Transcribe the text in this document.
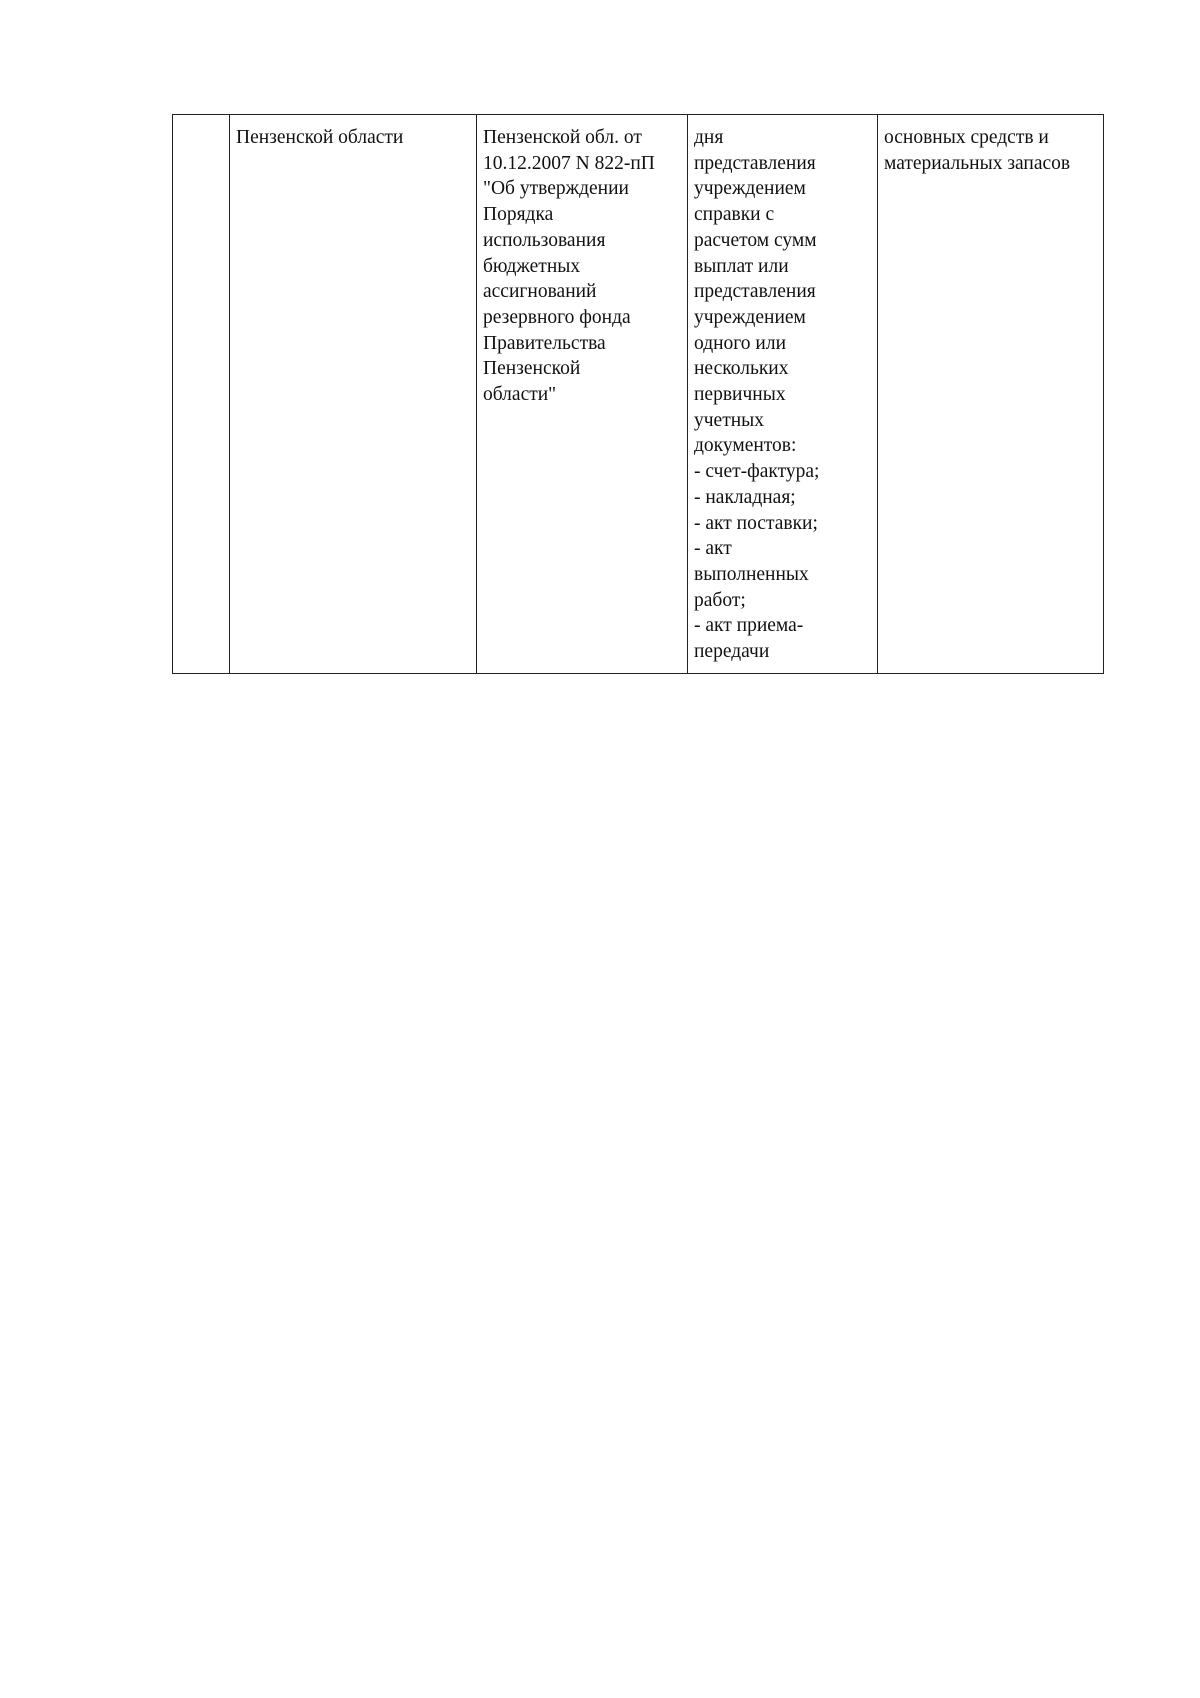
	Пензенской области	Пензенской обл. от
10.12.2007 N 822-пП
"Об утверждении
Порядка
использования
бюджетных
ассигнований
резервного фонда
Правительства
Пензенской
области"	дня
представления
учреждением
справки с
расчетом сумм
выплат или
представления
учреждением
одного или
нескольких
первичных
учетных
документов:
- счет-фактура;
- накладная;
- акт поставки;
- акт
выполненных
работ;
- акт приема-
передачи	основных средств и
материальных запасов
